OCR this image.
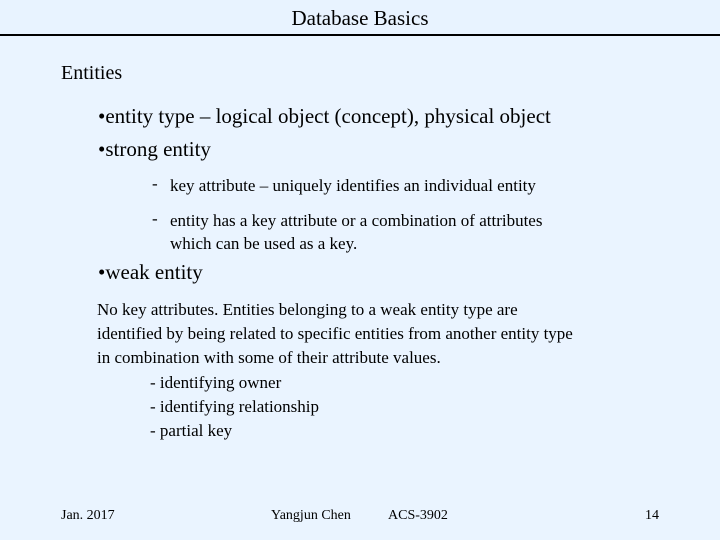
Database Basics
Entities
•entity type – logical object (concept), physical object
•strong entity
- key attribute – uniquely identifies an individual entity
- entity has a key attribute or a combination of attributes
which can be used as a key.
•weak entity
No key attributes. Entities belonging to a weak entity type are
identified by being related to specific entities from another entity type
in combination with some of their attribute values.
- identifying owner
- identifying relationship
- partial key
Jan. 2017	Yangjun Chen	ACS-3902	14
